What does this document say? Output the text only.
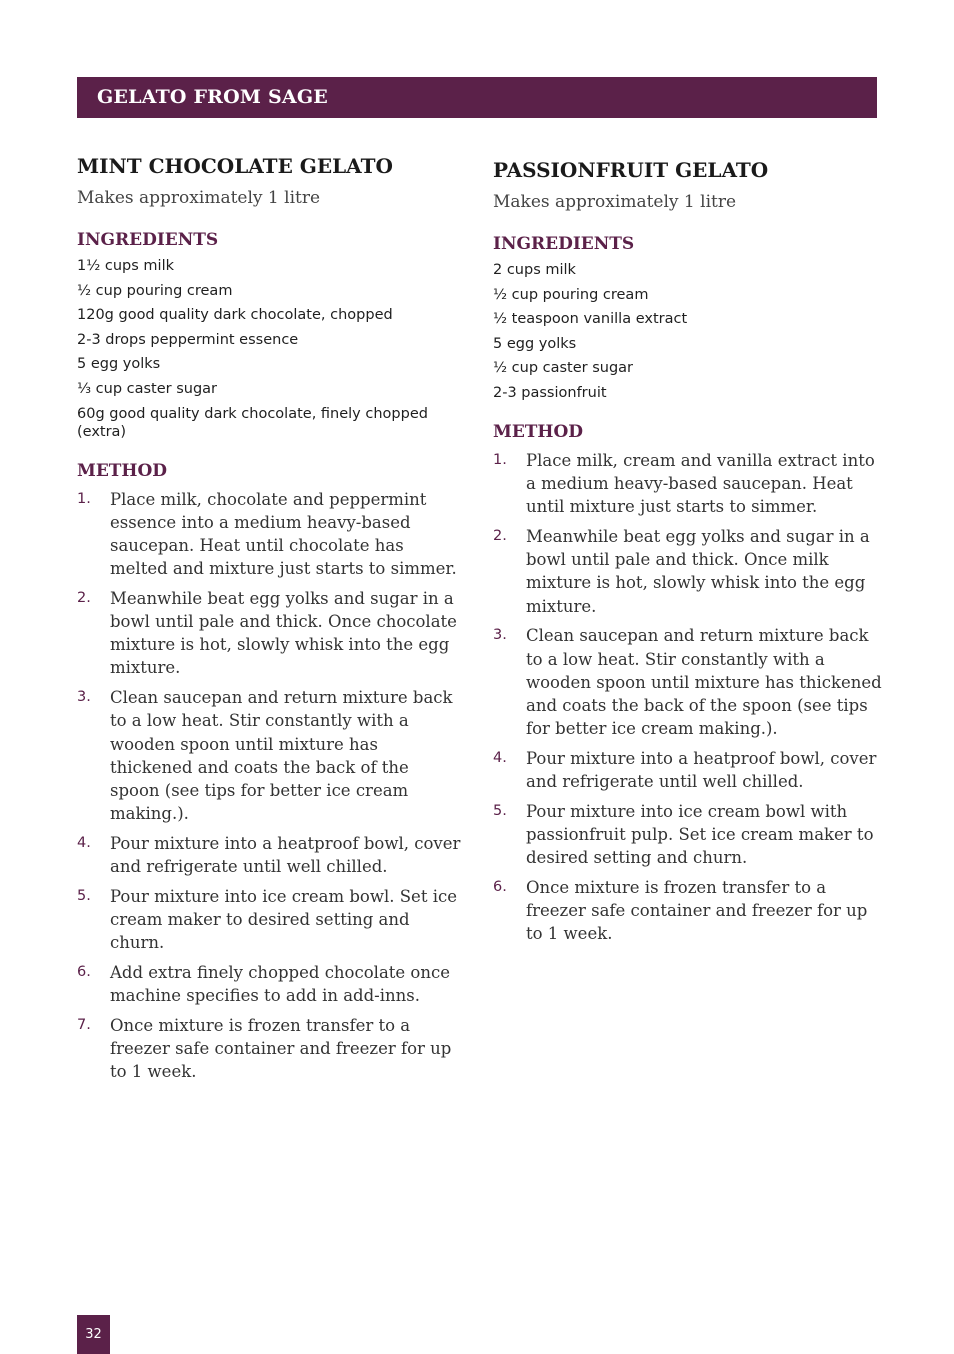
GELATO FROM SAGE
MINT CHOCOLATE GELATO
Makes approximately 1 litre
INGREDIENTS
1½ cups milk
½ cup pouring cream
120g good quality dark chocolate, chopped
2-3 drops peppermint essence
5 egg yolks
⅓ cup caster sugar
60g good quality dark chocolate, finely chopped (extra)
METHOD
1. Place milk, chocolate and peppermint essence into a medium heavy-based saucepan. Heat until chocolate has melted and mixture just starts to simmer.
2. Meanwhile beat egg yolks and sugar in a bowl until pale and thick. Once chocolate mixture is hot, slowly whisk into the egg mixture.
3. Clean saucepan and return mixture back to a low heat. Stir constantly with a wooden spoon until mixture has thickened and coats the back of the spoon (see tips for better ice cream making.).
4. Pour mixture into a heatproof bowl, cover and refrigerate until well chilled.
5. Pour mixture into ice cream bowl. Set ice cream maker to desired setting and churn.
6. Add extra finely chopped chocolate once machine specifies to add in add-inns.
7. Once mixture is frozen transfer to a freezer safe container and freezer for up to 1 week.
PASSIONFRUIT GELATO
Makes approximately 1 litre
INGREDIENTS
2 cups milk
½ cup pouring cream
½ teaspoon vanilla extract
5 egg yolks
½ cup caster sugar
2-3 passionfruit
METHOD
1. Place milk, cream and vanilla extract into a medium heavy-based saucepan. Heat until mixture just starts to simmer.
2. Meanwhile beat egg yolks and sugar in a bowl until pale and thick. Once milk mixture is hot, slowly whisk into the egg mixture.
3. Clean saucepan and return mixture back to a low heat. Stir constantly with a wooden spoon until mixture has thickened and coats the back of the spoon (see tips for better ice cream making.).
4. Pour mixture into a heatproof bowl, cover and refrigerate until well chilled.
5. Pour mixture into ice cream bowl with passionfruit pulp. Set ice cream maker to desired setting and churn.
6. Once mixture is frozen transfer to a freezer safe container and freezer for up to 1 week.
32
